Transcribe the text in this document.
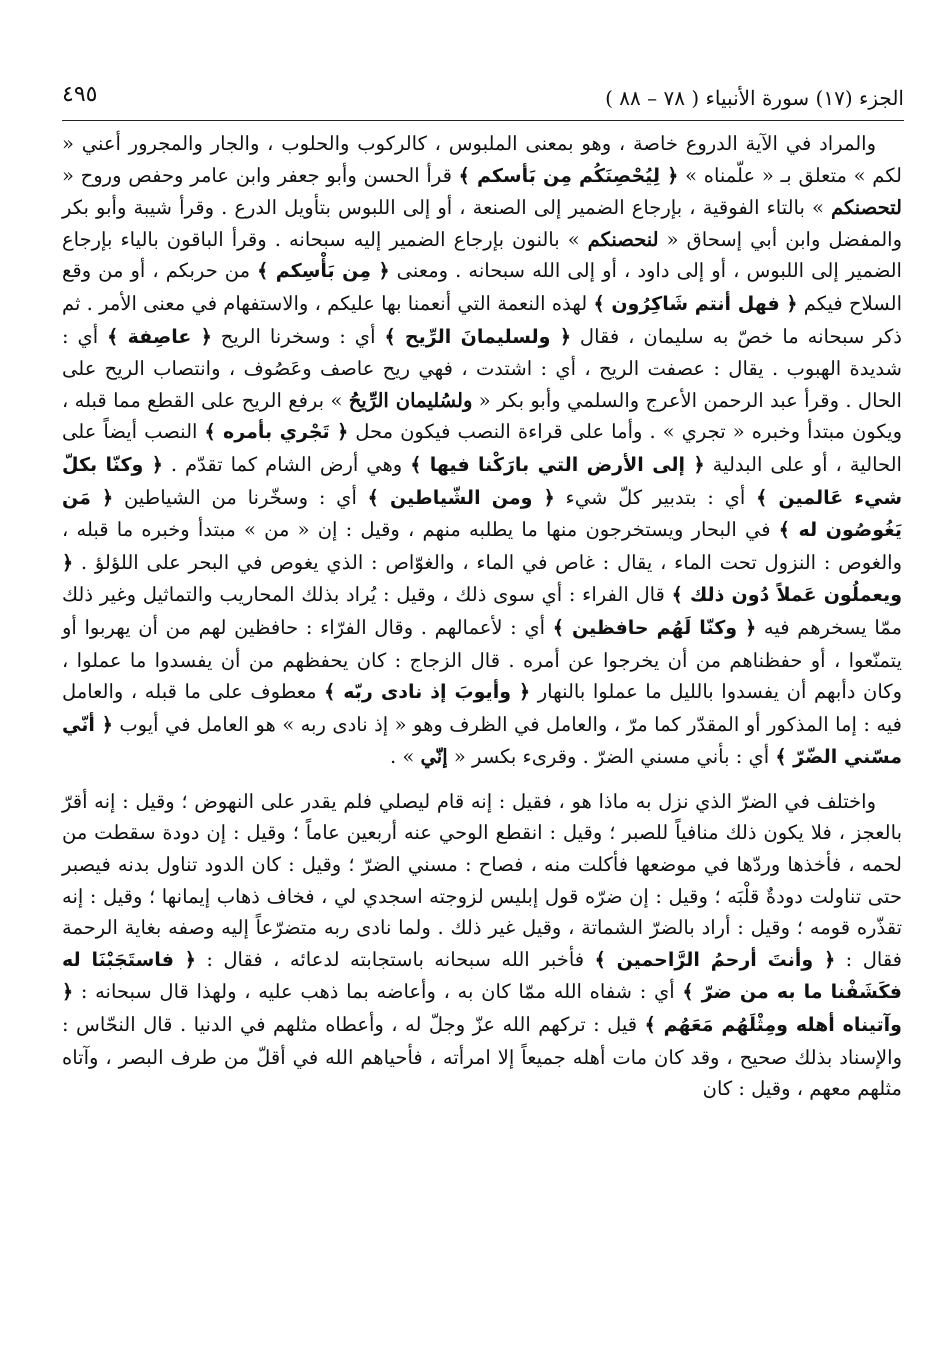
الجزء (١٧) سورة الأنبياء ( ٧٨ – ٨٨ )
٤٩٥

والمراد في الآية الدروع خاصة ، وهو بمعنى الملبوس ، كالركوب والحلوب ، والجار والمجرور أعني « لكم » متعلق بـ « علّمناه » ﴿ لِيُحْصِنَكُم مِن بَأسكم ﴾ قرأ الحسن وأبو جعفر وابن عامر وحفص وروح « لتحصنكم » بالتاء الفوقية ، بإرجاع الضمير إلى الصنعة ، أو إلى اللبوس بتأويل الدرع . وقرأ شيبة وأبو بكر والمفضل وابن أبي إسحاق « لنحصنكم » بالنون بإرجاع الضمير إليه سبحانه . وقرأ الباقون بالياء بإرجاع الضمير إلى اللبوس ، أو إلى داود ، أو إلى الله سبحانه . ومعنى ﴿ مِن بَأْسِكم ﴾ من حربكم ، أو من وقع السلاح فيكم ﴿ فهل أنتم شَاكِرُون ﴾ لهذه النعمة التي أنعمنا بها عليكم ، والاستفهام في معنى الأمر . ثم ذكر سبحانه ما خصّ به سليمان ، فقال ﴿ ولسليمانَ الرِّيح ﴾ أي : وسخرنا الريح ﴿ عاصِفة ﴾ أي : شديدة الهبوب . يقال : عصفت الريح ، أي : اشتدت ، فهي ريح عاصف وعَصُوف ، وانتصاب الريح على الحال . وقرأ عبد الرحمن الأعرج والسلمي وأبو بكر « ولسُليمان الرِّيحُ » برفع الريح على القطع مما قبله ، ويكون مبتدأ وخبره « تجري » . وأما على قراءة النصب فيكون محل ﴿ تَجْري بأمره ﴾ النصب أيضاً على الحالية ، أو على البدلية ﴿ إلى الأرض التي بارَكْنا فيها ﴾ وهي أرض الشام كما تقدّم . ﴿ وكنّا بكلّ شيء عَالمين ﴾ أي : بتدبير كلّ شيء ﴿ ومن الشّياطين ﴾ أي : وسخّرنا من الشياطين ﴿ مَن يَغُوصُون له ﴾ في البحار ويستخرجون منها ما يطلبه منهم ، وقيل : إن « من » مبتدأ وخبره ما قبله ، والغوص : النزول تحت الماء ، يقال : غاص في الماء ، والغوّاص : الذي يغوص في البحر على اللؤلؤ . ﴿ ويعملُون عَملاً دُون ذلك ﴾ قال الفراء : أي سوى ذلك ، وقيل : يُراد بذلك المحاريب والتماثيل وغير ذلك ممّا يسخرهم فيه ﴿ وكنّا لَهُم حافظين ﴾ أي : لأعمالهم . وقال الفرّاء : حافظين لهم من أن يهربوا أو يتمنّعوا ، أو حفظناهم من أن يخرجوا عن أمره . قال الزجاج : كان يحفظهم من أن يفسدوا ما عملوا ، وكان دأبهم أن يفسدوا بالليل ما عملوا بالنهار ﴿ وأيوبَ إذ نادى ربّه ﴾ معطوف على ما قبله ، والعامل فيه : إما المذكور أو المقدّر كما مرّ ، والعامل في الظرف وهو « إذ نادى ربه » هو العامل في أيوب ﴿ أنّي مسّني الضّرّ ﴾ أي : بأني مسني الضرّ . وقرىء بكسر « إنّي » .

واختلف في الضرّ الذي نزل به ماذا هو ، فقيل : إنه قام ليصلي فلم يقدر على النهوض ؛ وقيل : إنه أقرّ بالعجز ، فلا يكون ذلك منافياً للصبر ؛ وقيل : انقطع الوحي عنه أربعين عاماً ؛ وقيل : إن دودة سقطت من لحمه ، فأخذها وردّها في موضعها فأكلت منه ، فصاح : مسني الضرّ ؛ وقيل : كان الدود تناول بدنه فيصبر حتى تناولت دودةٌ قلْبَه ؛ وقيل : إن ضرّه قول إبليس لزوجته اسجدي لي ، فخاف ذهاب إيمانها ؛ وقيل : إنه تقذّره قومه ؛ وقيل : أراد بالضرّ الشماتة ، وقيل غير ذلك . ولما نادى ربه متضرّعاً إليه وصفه بغاية الرحمة فقال : ﴿ وأنتَ أرحمُ الرَّاحمين ﴾ فأخبر الله سبحانه باستجابته لدعائه ، فقال : ﴿ فاستَجَبْنَا له فكَشَفْنا ما به من ضرّ ﴾ أي : شفاه الله ممّا كان به ، وأعاضه بما ذهب عليه ، ولهذا قال سبحانه : ﴿ وآتيناه أهله ومِثْلَهُم مَعَهُم ﴾ قيل : تركهم الله عزّ وجلّ له ، وأعطاه مثلهم في الدنيا . قال النحّاس : والإسناد بذلك صحيح ، وقد كان مات أهله جميعاً إلا امرأته ، فأحياهم الله في أقلّ من طرف البصر ، وآتاه مثلهم معهم ، وقيل : كان
